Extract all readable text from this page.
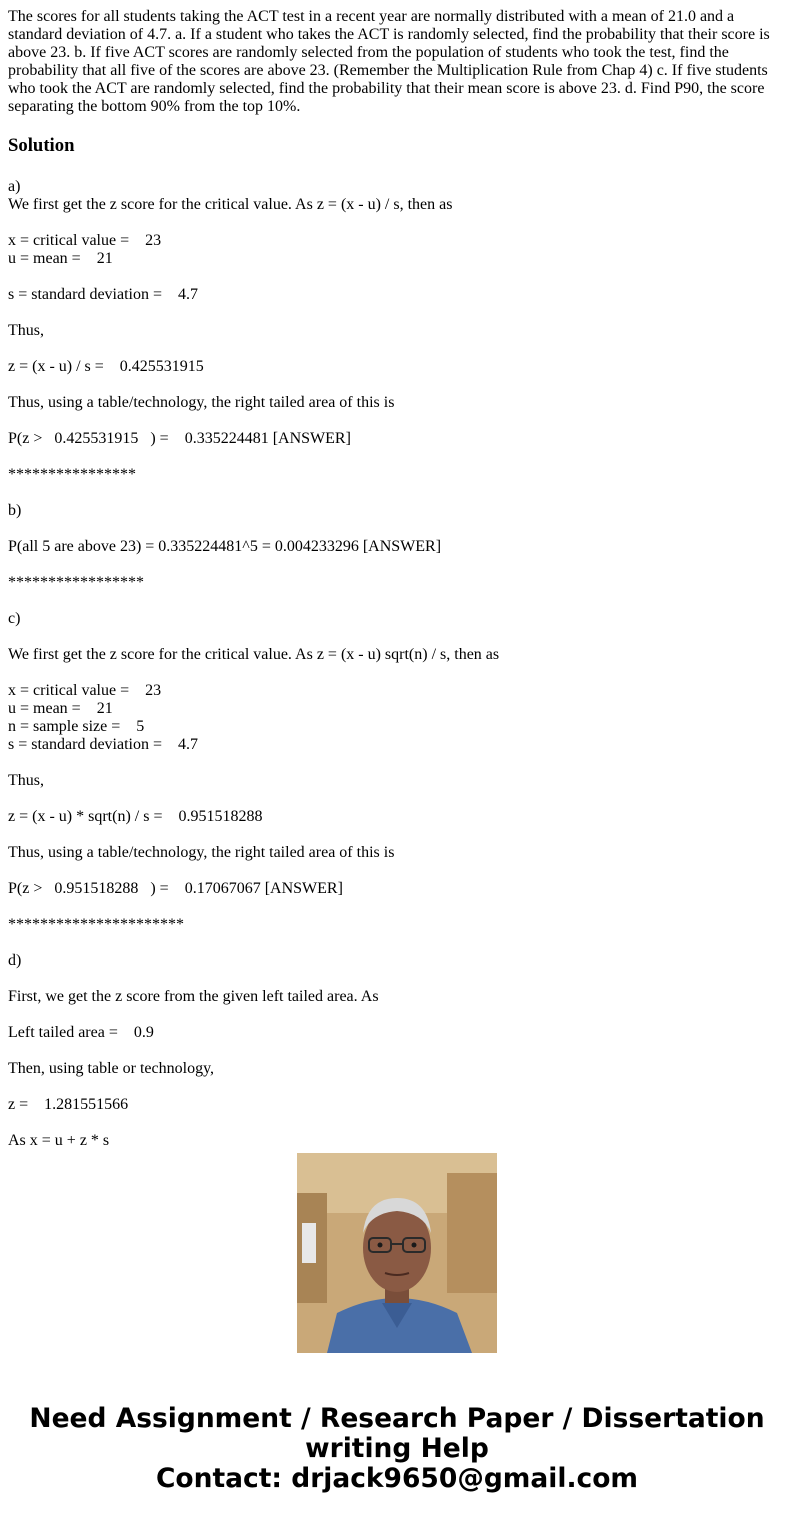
The scores for all students taking the ACT test in a recent year are normally distributed with a mean of 21.0 and a standard deviation of 4.7. a. If a student who takes the ACT is randomly selected, find the probability that their score is above 23. b. If five ACT scores are randomly selected from the population of students who took the test, find the probability that all five of the scores are above 23. (Remember the Multiplication Rule from Chap 4) c. If five students who took the ACT are randomly selected, find the probability that their mean score is above 23. d. Find P90, the score separating the bottom 90% from the top 10%.

Solution
a)
We first get the z score for the critical value. As z = (x - u) / s, then as
x = critical value =    23
u = mean =    21
s = standard deviation =    4.7
Thus,
z = (x - u) / s =    0.425531915
Thus, using a table/technology, the right tailed area of this is
P(z >   0.425531915   ) =    0.335224481 [ANSWER]
****************
b)
P(all 5 are above 23) = 0.335224481^5 = 0.004233296 [ANSWER]
*****************
c)
We first get the z score for the critical value. As z = (x - u) sqrt(n) / s, then as
x = critical value =    23
u = mean =    21
n = sample size =    5
s = standard deviation =    4.7
Thus,
z = (x - u) * sqrt(n) / s =    0.951518288
Thus, using a table/technology, the right tailed area of this is
P(z >   0.951518288   ) =    0.17067067 [ANSWER]
**********************
d)
First, we get the z score from the given left tailed area. As
Left tailed area =    0.9
Then, using table or technology,
z =    1.281551566
As x = u + z * s
Need Assignment / Research Paper / Dissertation
writing Help
Contact: drjack9650@gmail.com
